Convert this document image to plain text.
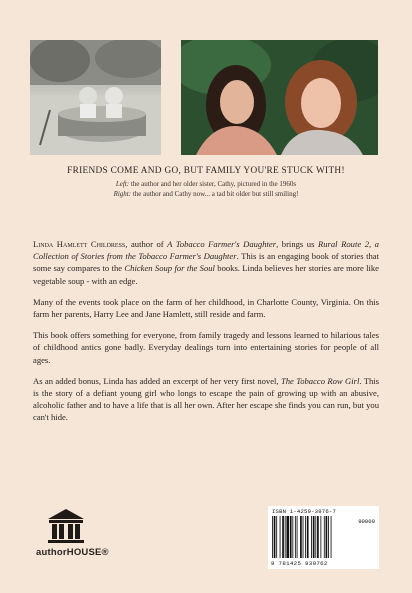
FRIENDS COME AND GO, BUT FAMILY YOU'RE STUCK WITH!
Left: the author and her older sister, Cathy, pictured in the 1960s
Right: the author and Cathy now... a tad bit older but still smiling!

Linda Hamlett Childress, author of A Tobacco Farmer's Daughter, brings us Rural Route 2, a Collection of Stories from the Tobacco Farmer's Daughter. This is an engaging book of stories that some say compares to the Chicken Soup for the Soul books. Linda believes her stories are more like vegetable soup - with an edge.

Many of the events took place on the farm of her childhood, in Charlotte County, Virginia. On this farm her parents, Harry Lee and Jane Hamlett, still reside and farm.

This book offers something for everyone, from family tragedy and lessons learned to hilarious tales of childhood antics gone badly. Everyday dealings turn into entertaining stories for people of all ages.

As an added bonus, Linda has added an excerpt of her very first novel, The Tobacco Row Girl. This is the story of a defiant young girl who longs to escape the pain of growing up with an abusive, alcoholic father and to have a life that is all her own. After her escape she finds you can run, but you can't hide.

authorHOUSE®
ISBN 1-4259-3976-7
90000
9 781425 939762
